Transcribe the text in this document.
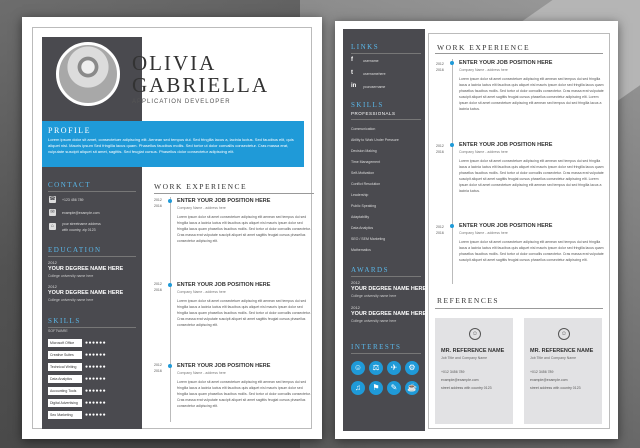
OLIVIA
GABRIELLA
APPLICATION DEVELOPER
PROFILE
Lorem ipsum dolor sit amet, consectetuer adipiscing elit. Aenean sed tempus dui. Sed fringilla lacus a, lacinia luctus. Sed faucibus elit, quis aliquet nisl. Mauris ipsum Sed fringilla lacus quam. Phasellus faucibus mollis. Sed tortor ut dolor convallis consectetur. Cras massa erat, vulputate suscipit aliquet sit amet, sagittis. Sed feugiat cursus. Phasellus dolor consectetur adipiscing elit.
CONTACT
☎ +123 456 789
✉	example@example.com
⌂	your streetname address
with country, zip 0123
EDUCATION
2012
YOUR DEGREE NAME HERE
College university name here
2012
YOUR DEGREE NAME HERE
College university name here
SKILLS
SOFTWARE
Microsoft Office	●●●●●●
Creative Suites	●●●●●●
Technical Writing	●●●●●●
Data Analytics	●●●●●●
Accounting Tools	●●●●●●
Digital Advertising	●●●●●●
Seo Marketing	●●●●●●
WORK EXPERIENCE
2012
2016
ENTER YOUR JOB POSITION HERE
Company Name - address here
Lorem ipsum dolor sit amet consectetuer adipiscing elit aenean sed tempus dui sed fringilla lacus a lacinia luctus elit faucibus quis aliquet nisl mauris ipsum dolor sed fringilla lacus quam phasellus faucibus mollis. Sed tortor ut dolor convallis consectetur. Cras massa erat vulputate suscipit aliquet sit amet sagittis feugiat cursus phasellus consectetur adipiscing elit.
2012
2016
ENTER YOUR JOB POSITION HERE
Company Name - address here
Lorem ipsum dolor sit amet consectetuer adipiscing elit aenean sed tempus dui sed fringilla lacus a lacinia luctus elit faucibus quis aliquet nisl mauris ipsum dolor sed fringilla lacus quam phasellus faucibus mollis. Sed tortor ut dolor convallis consectetur. Cras massa erat vulputate suscipit aliquet sit amet sagittis feugiat cursus phasellus consectetur adipiscing elit.
2012
2016
ENTER YOUR JOB POSITION HERE
Company Name - address here
Lorem ipsum dolor sit amet consectetuer adipiscing elit aenean sed tempus dui sed fringilla lacus a lacinia luctus elit faucibus quis aliquet nisl mauris ipsum dolor sed fringilla lacus quam phasellus faucibus mollis. Sed tortor ut dolor convallis consectetur. Cras massa erat vulputate suscipit aliquet sit amet sagittis feugiat cursus phasellus consectetur adipiscing elit.
LINKS
f	username
t	usernamehere
in	yourusername
SKILLS
PROFESSIONALS
Communication
Ability to Work Under Pressure
Decision Making
Time Management
Self-Motivation
Conflict Resolution
Leadership
Public Speaking
Adaptability
Data Analytics
SEO / SEM Marketing
Mathematics
AWARDS
2012
YOUR DEGREE NAME HERE
College university name here
2012
YOUR DEGREE NAME HERE
College university name here
INTERESTS
☺	⚖	✈	⚙
♫	⚑	✎	☕
WORK EXPERIENCE
2012
2016
ENTER YOUR JOB POSITION HERE
Company Name - address here
Lorem ipsum dolor sit amet consectetuer adipiscing elit aenean sed tempus dui sed fringilla lacus a lacinia luctus elit faucibus quis aliquet nisl mauris ipsum dolor sed fringilla lacus quam phasellus faucibus mollis. Sed tortor ut dolor convallis consectetur. Cras massa erat vulputate suscipit aliquet sit amet sagittis feugiat cursus phasellus consectetur adipiscing elit. Lorem ipsum dolor sit amet consectetuer adipiscing elit aenean sed tempus dui sed fringilla lacus a lacinia luctus.
2012
2016
ENTER YOUR JOB POSITION HERE
Company Name - address here
Lorem ipsum dolor sit amet consectetuer adipiscing elit aenean sed tempus dui sed fringilla lacus a lacinia luctus elit faucibus quis aliquet nisl mauris ipsum dolor sed fringilla lacus quam phasellus faucibus mollis. Sed tortor ut dolor convallis consectetur. Cras massa erat vulputate suscipit aliquet sit amet sagittis feugiat cursus phasellus consectetur adipiscing elit. Lorem ipsum dolor sit amet consectetuer adipiscing elit aenean sed tempus dui sed fringilla lacus a lacinia luctus.
2012
2016
ENTER YOUR JOB POSITION HERE
Company Name - address here
Lorem ipsum dolor sit amet consectetuer adipiscing elit aenean sed tempus dui sed fringilla lacus a lacinia luctus elit faucibus quis aliquet nisl mauris ipsum dolor sed fringilla lacus quam phasellus faucibus mollis. Sed tortor ut dolor convallis consectetur. Cras massa erat vulputate suscipit aliquet sit amet sagittis feugiat cursus phasellus consectetur adipiscing elit.
REFERENCES
☺
MR. REFERENCE NAME
Job Title and Company Name
+012 3456 789
example@example.com
street address with country 0123
☺
MR. REFERENCE NAME
Job Title and Company Name
+012 3456 789
example@example.com
street address with country 0123
